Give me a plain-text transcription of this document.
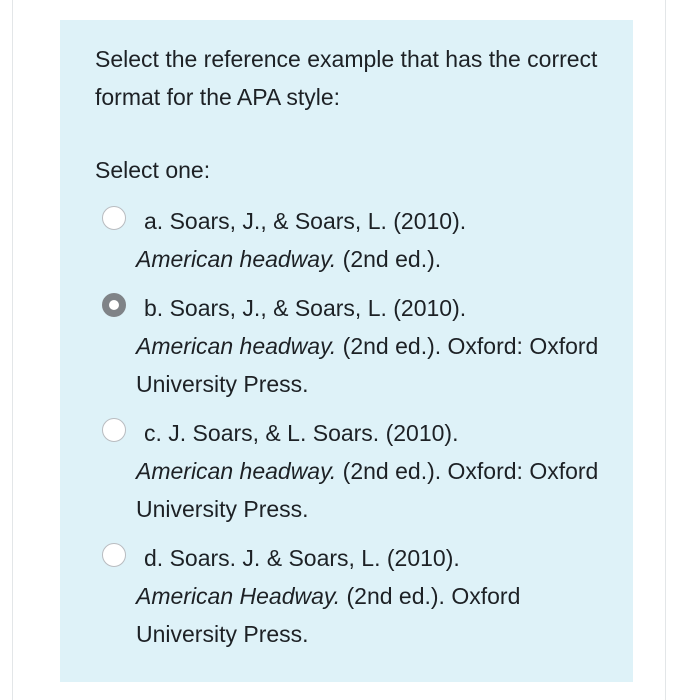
Select the reference example that has the correct format for the APA style:
Select one:
a. Soars, J., & Soars, L. (2010).
American headway. (2nd ed.).
b. Soars, J., & Soars, L. (2010).
American headway. (2nd ed.). Oxford: Oxford University Press.
c. J. Soars, & L. Soars. (2010).
American headway. (2nd ed.). Oxford: Oxford University Press.
d. Soars. J. & Soars, L. (2010).
American Headway. (2nd ed.). Oxford University Press.
